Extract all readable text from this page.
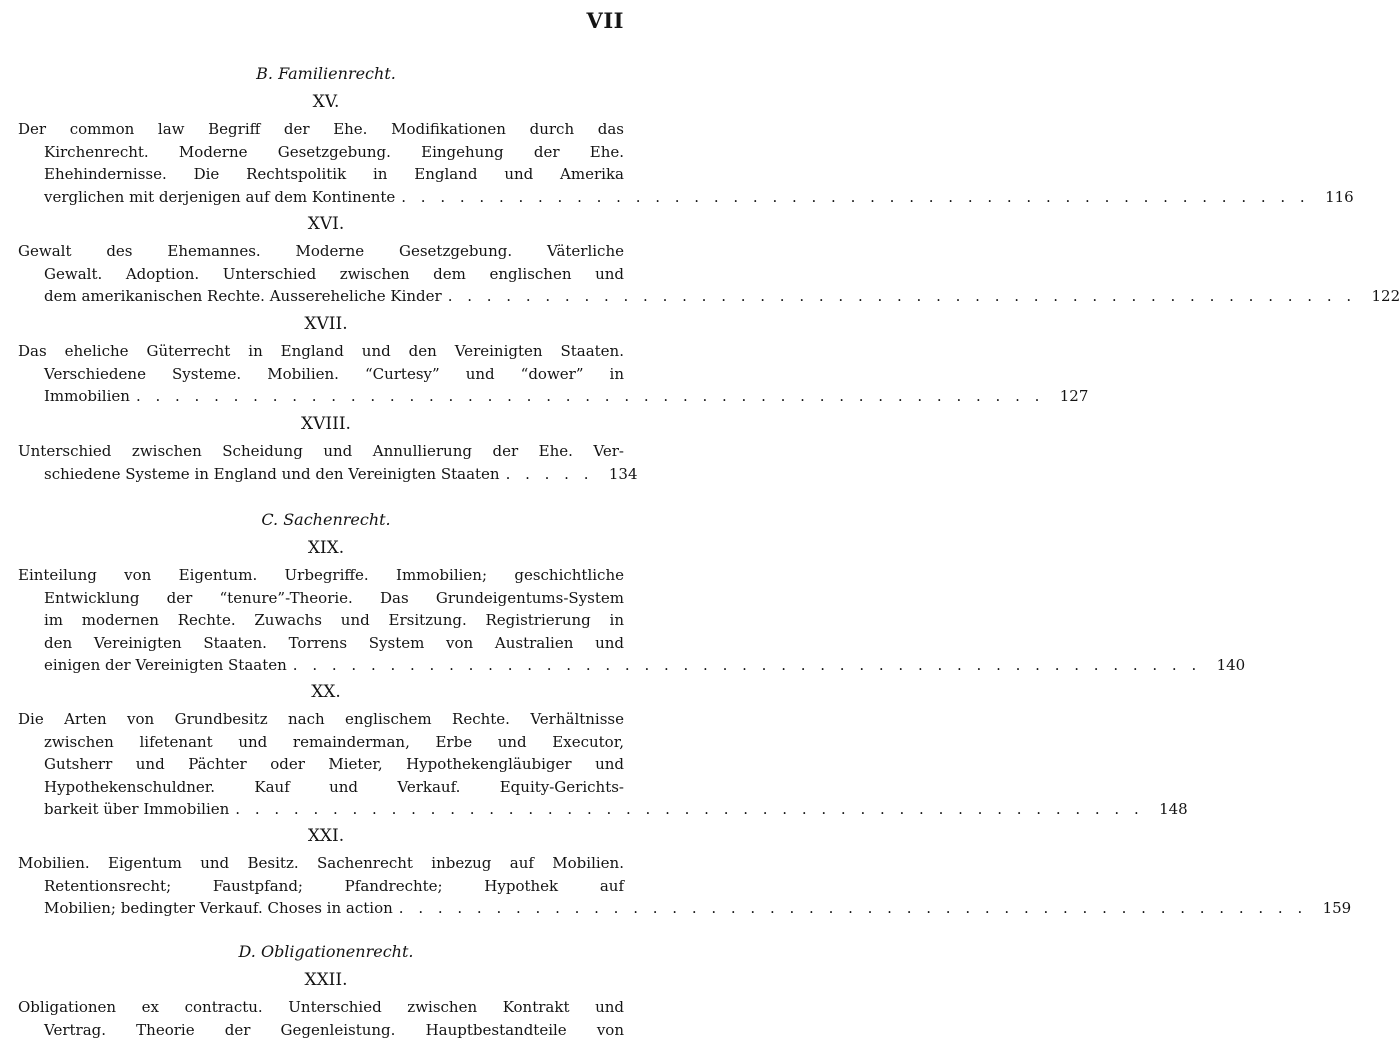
VII
B. Familienrecht.
XV.
Der common law Begriff der Ehe. Modifikationen durch das
Kirchenrecht. Moderne Gesetzgebung. Eingehung der Ehe.
Ehehindernisse. Die Rechtspolitik in England und Amerika
verglichen mit derjenigen auf dem Kontinente . . . . . . . . . . . . . . . . . . . . . . . . . . . . . . . . . . . . . . . . . . . . . . .	116
XVI.
Gewalt des Ehemannes. Moderne Gesetzgebung. Väterliche
Gewalt. Adoption. Unterschied zwischen dem englischen und
dem amerikanischen Rechte. Aussereheliche Kinder . . . . . . . . . . . . . . . . . . . . . . . . . . . . . . . . . . . . . . . . . . . . . . .	122
XVII.
Das eheliche Güterrecht in England und den Vereinigten Staaten.
Verschiedene Systeme. Mobilien. “Curtesy” und “dower” in
Immobilien . . . . . . . . . . . . . . . . . . . . . . . . . . . . . . . . . . . . . . . . . . . . . . .	127
XVIII.
Unterschied zwischen Scheidung und Annullierung der Ehe. Ver-
schiedene Systeme in England und den Vereinigten Staaten . . . . .	134
C. Sachenrecht.
XIX.
Einteilung von Eigentum. Urbegriffe. Immobilien; geschichtliche
Entwicklung der “tenure”-Theorie. Das Grundeigentums-System
im modernen Rechte. Zuwachs und Ersitzung. Registrierung in
den Vereinigten Staaten. Torrens System von Australien und
einigen der Vereinigten Staaten . . . . . . . . . . . . . . . . . . . . . . . . . . . . . . . . . . . . . . . . . . . . . . .	140
XX.
Die Arten von Grundbesitz nach englischem Rechte. Verhältnisse
zwischen lifetenant und remainderman, Erbe und Executor,
Gutsherr und Pächter oder Mieter, Hypothekengläubiger und
Hypothekenschuldner. Kauf und Verkauf. Equity-Gerichts-
barkeit über Immobilien . . . . . . . . . . . . . . . . . . . . . . . . . . . . . . . . . . . . . . . . . . . . . . .	148
XXI.
Mobilien. Eigentum und Besitz. Sachenrecht inbezug auf Mobilien.
Retentionsrecht; Faustpfand; Pfandrechte; Hypothek auf
Mobilien; bedingter Verkauf. Choses in action . . . . . . . . . . . . . . . . . . . . . . . . . . . . . . . . . . . . . . . . . . . . . . .	159
D. Obligationenrecht.
XXII.
Obligationen ex contractu. Unterschied zwischen Kontrakt und
Vertrag. Theorie der Gegenleistung. Hauptbestandteile von
